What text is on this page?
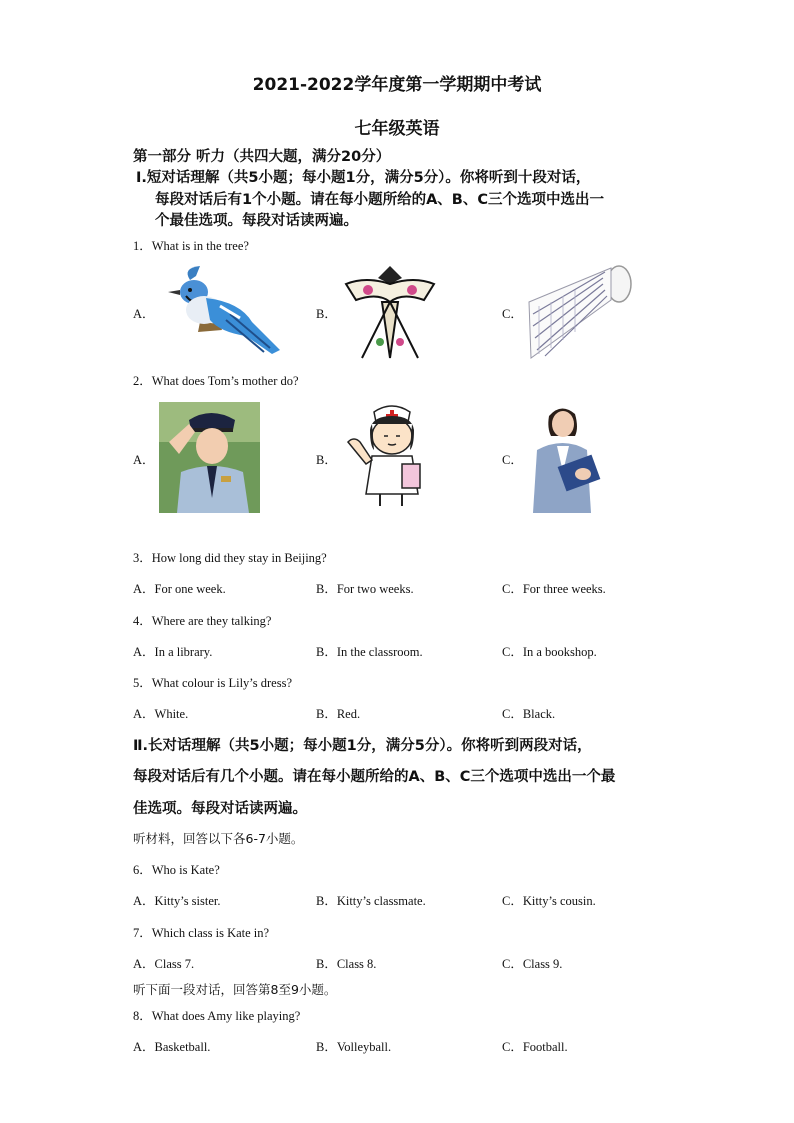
2021-2022学年度第一学期期中考试
七年级英语
第一部分 听力（共四大题，满分20分）
Ⅰ.短对话理解（共5小题；每小题1分，满分5分）。你将听到十段对话，
每段对话后有1个小题。请在每小题所给的A、B、C三个选项中选出一
个最佳选项。每段对话读两遍。
1．What is in the tree?
A．	B．	C．
2．What does Tom’s mother do?
A．	B．	C．
3．How long did they stay in Beijing?
A．For one week.	B．For two weeks.	C．For three weeks.
4．Where are they talking?
A．In a library.	B．In the classroom.	C．In a bookshop.
5．What colour is Lily’s dress?
A．White.	B．Red.	C．Black.
Ⅱ.长对话理解（共5小题；每小题1分，满分5分）。你将听到两段对话，
每段对话后有几个小题。请在每小题所给的A、B、C三个选项中选出一个最
佳选项。每段对话读两遍。
听材料，回答以下各6-7小题。
6．Who is Kate?
A．Kitty’s sister.	B．Kitty’s classmate.	C．Kitty’s cousin.
7．Which class is Kate in?
A．Class 7.	B．Class 8.	C．Class 9.
听下面一段对话，回答第8至9小题。
8．What does Amy like playing?
A．Basketball.	B．Volleyball.	C．Football.
